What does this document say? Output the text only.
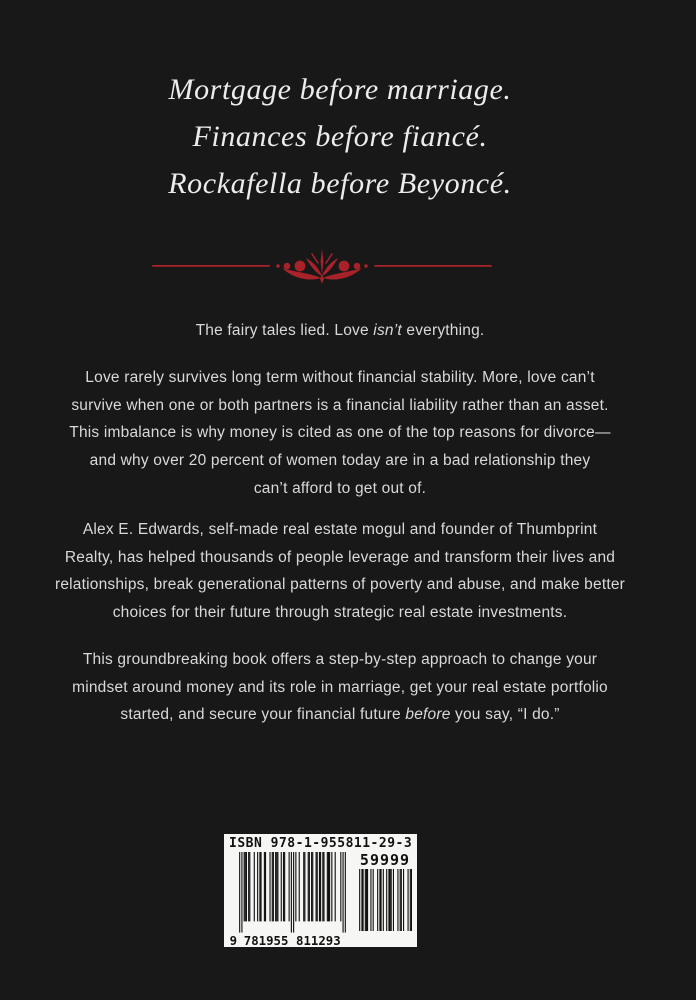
Mortgage before marriage.
Finances before fiancé.
Rockafella before Beyoncé.
The fairy tales lied. Love isn’t everything.
Love rarely survives long term without financial stability. More, love can’t
survive when one or both partners is a financial liability rather than an asset.
This imbalance is why money is cited as one of the top reasons for divorce—
and why over 20 percent of women today are in a bad relationship they
can’t afford to get out of.
Alex E. Edwards, self-made real estate mogul and founder of Thumbprint
Realty, has helped thousands of people leverage and transform their lives and
relationships, break generational patterns of poverty and abuse, and make better
choices for their future through strategic real estate investments.
This groundbreaking book offers a step-by-step approach to change your
mindset around money and its role in marriage, get your real estate portfolio
started, and secure your financial future before you say, “I do.”
ISBN 978-1-955811-29-3
9 781955 811293
59999
